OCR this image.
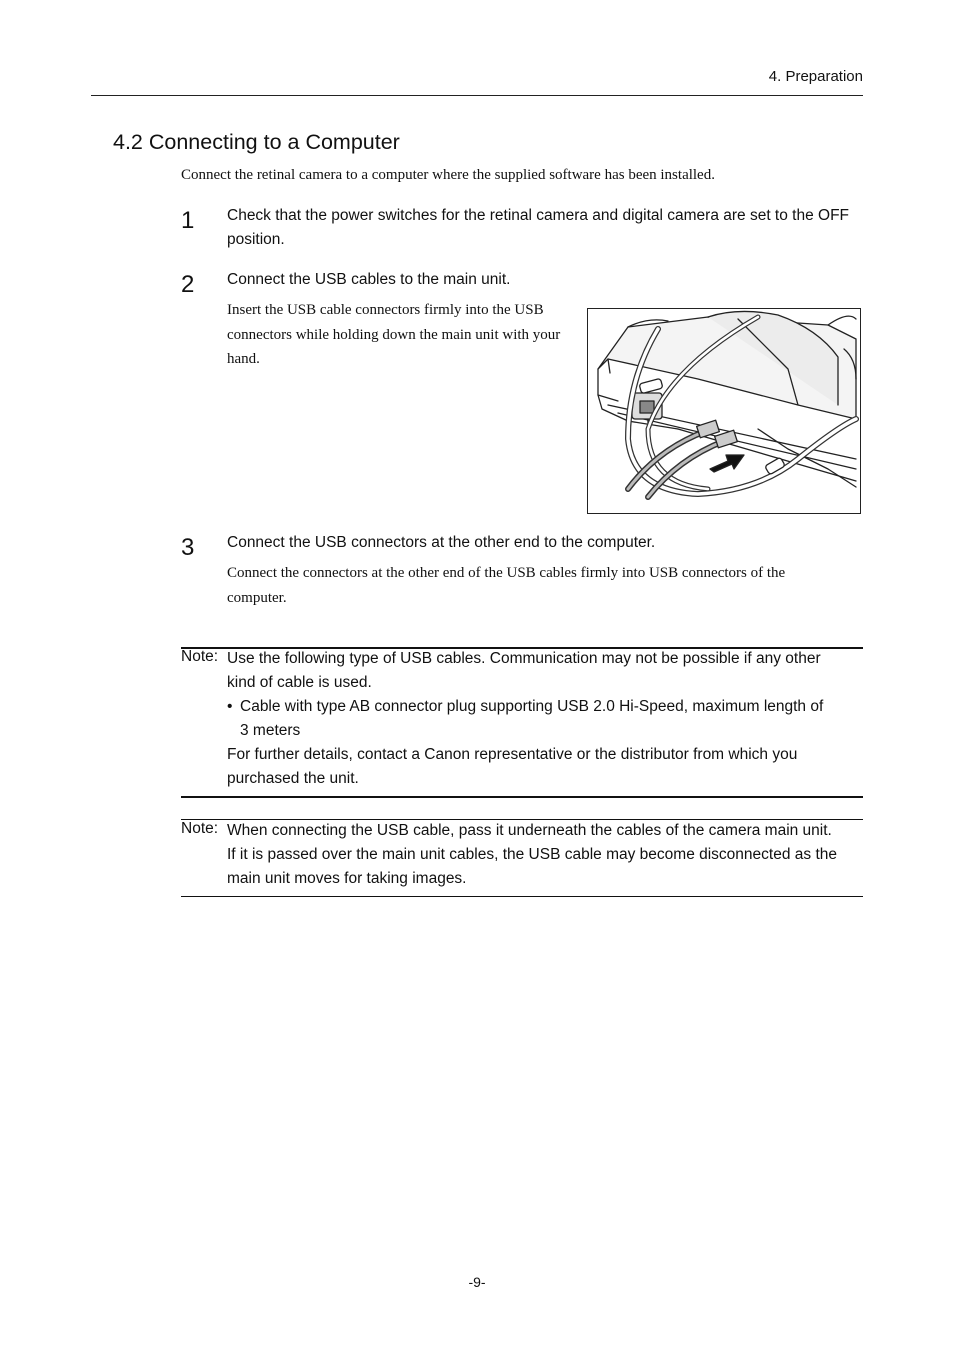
4. Preparation
4.2 Connecting to a Computer
Connect the retinal camera to a computer where the supplied software has been installed.
1 Check that the power switches for the retinal camera and digital camera are set to the OFF
position.
2 Connect the USB cables to the main unit.
Insert the USB cable connectors firmly into the USB
connectors while holding down the main unit with your
hand.
3 Connect the USB connectors at the other end to the computer.
Connect the connectors at the other end of the USB cables firmly into USB connectors of the
computer.
Note: Use the following type of USB cables. Communication may not be possible if any other
kind of cable is used.
• Cable with type AB connector plug supporting USB 2.0 Hi-Speed, maximum length of
3 meters
For further details, contact a Canon representative or the distributor from which you
purchased the unit.
Note: When connecting the USB cable, pass it underneath the cables of the camera main unit.
If it is passed over the main unit cables, the USB cable may become disconnected as the
main unit moves for taking images.
-9-
